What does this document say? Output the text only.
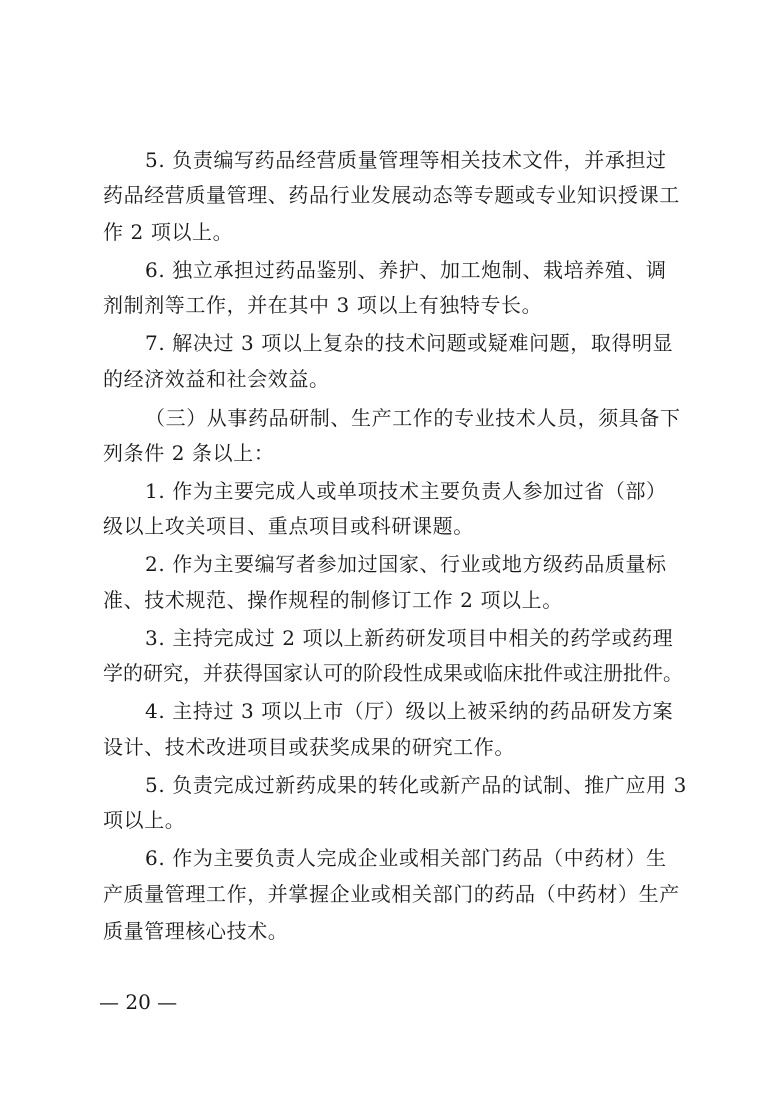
5. 负责编写药品经营质量管理等相关技术文件，并承担过
药品经营质量管理、药品行业发展动态等专题或专业知识授课工
作 2 项以上。
6. 独立承担过药品鉴别、养护、加工炮制、栽培养殖、调
剂制剂等工作，并在其中 3 项以上有独特专长。
7. 解决过 3 项以上复杂的技术问题或疑难问题，取得明显
的经济效益和社会效益。
（三）从事药品研制、生产工作的专业技术人员，须具备下
列条件 2 条以上：
1. 作为主要完成人或单项技术主要负责人参加过省（部）
级以上攻关项目、重点项目或科研课题。
2. 作为主要编写者参加过国家、行业或地方级药品质量标
准、技术规范、操作规程的制修订工作 2 项以上。
3. 主持完成过 2 项以上新药研发项目中相关的药学或药理
学的研究，并获得国家认可的阶段性成果或临床批件或注册批件。
4. 主持过 3 项以上市（厅）级以上被采纳的药品研发方案
设计、技术改进项目或获奖成果的研究工作。
5. 负责完成过新药成果的转化或新产品的试制、推广应用 3
项以上。
6. 作为主要负责人完成企业或相关部门药品（中药材）生
产质量管理工作，并掌握企业或相关部门的药品（中药材）生产
质量管理核心技术。
— 20 —
